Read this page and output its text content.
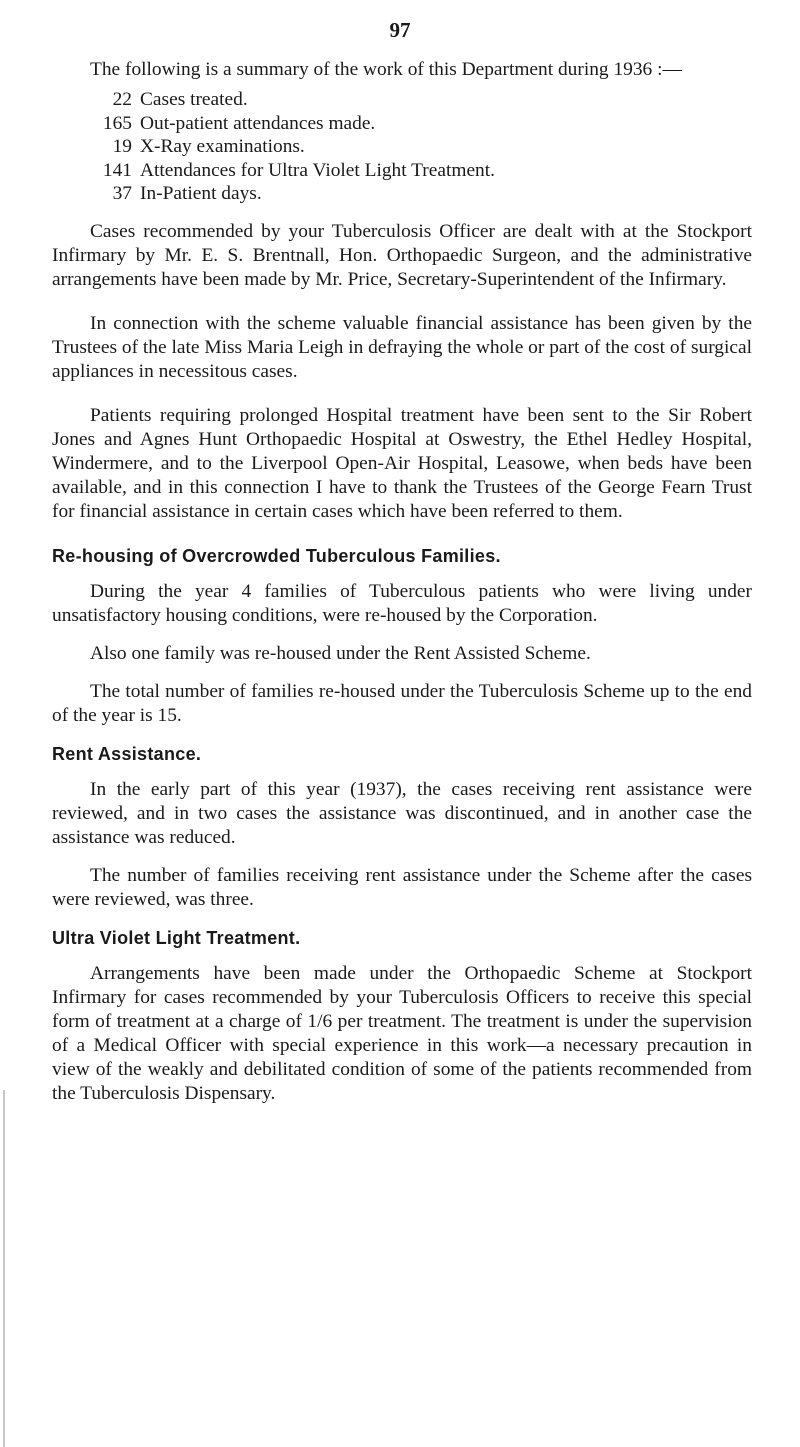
97

The following is a summary of the work of this Department during 1936 :—

22 Cases treated.
165 Out-patient attendances made.
19 X-Ray examinations.
141 Attendances for Ultra Violet Light Treatment.
37 In-Patient days.

Cases recommended by your Tuberculosis Officer are dealt with at the Stockport Infirmary by Mr. E. S. Brentnall, Hon. Orthopaedic Surgeon, and the administrative arrangements have been made by Mr. Price, Secretary-Superintendent of the Infirmary.

In connection with the scheme valuable financial assistance has been given by the Trustees of the late Miss Maria Leigh in defraying the whole or part of the cost of surgical appliances in necessitous cases.

Patients requiring prolonged Hospital treatment have been sent to the Sir Robert Jones and Agnes Hunt Orthopaedic Hospital at Oswestry, the Ethel Hedley Hospital, Windermere, and to the Liverpool Open-Air Hospital, Leasowe, when beds have been available, and in this connection I have to thank the Trustees of the George Fearn Trust for financial assistance in certain cases which have been referred to them.

Re-housing of Overcrowded Tuberculous Families.

During the year 4 families of Tuberculous patients who were living under unsatisfactory housing conditions, were re-housed by the Corporation.

Also one family was re-housed under the Rent Assisted Scheme.

The total number of families re-housed under the Tuberculosis Scheme up to the end of the year is 15.

Rent Assistance.

In the early part of this year (1937), the cases receiving rent assistance were reviewed, and in two cases the assistance was discontinued, and in another case the assistance was reduced.

The number of families receiving rent assistance under the Scheme after the cases were reviewed, was three.

Ultra Violet Light Treatment.

Arrangements have been made under the Orthopaedic Scheme at Stockport Infirmary for cases recommended by your Tuberculosis Officers to receive this special form of treatment at a charge of 1/6 per treatment. The treatment is under the supervision of a Medical Officer with special experience in this work—a necessary precaution in view of the weakly and debilitated condition of some of the patients recommended from the Tuberculosis Dispensary.
